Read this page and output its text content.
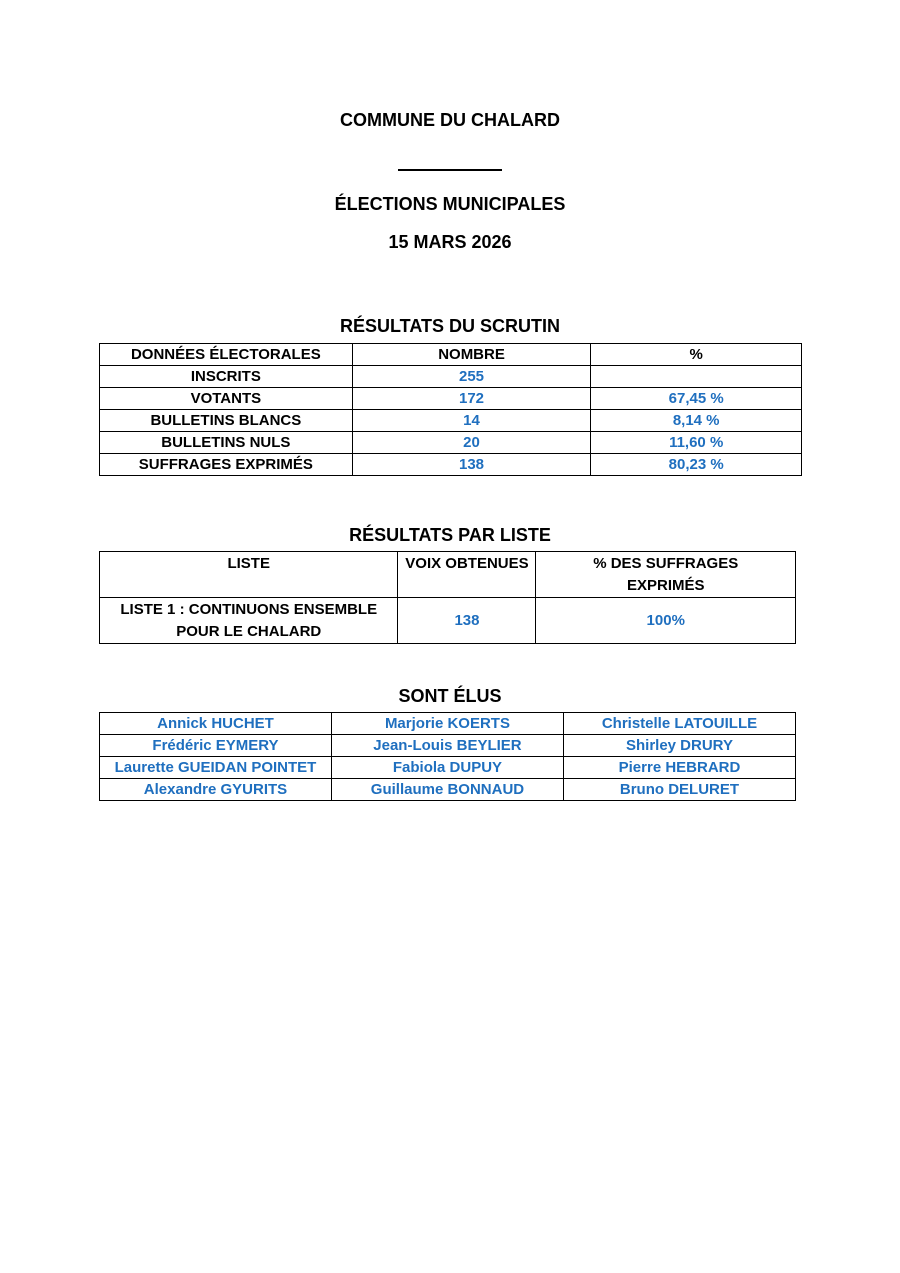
COMMUNE DU CHALARD
ÉLECTIONS MUNICIPALES
15 MARS 2026
RÉSULTATS DU SCRUTIN
DONNÉES ÉLECTORALES	NOMBRE	%
INSCRITS	255	
VOTANTS	172	67,45 %
BULLETINS BLANCS	14	8,14 %
BULLETINS NULS	20	11,60 %
SUFFRAGES EXPRIMÉS	138	80,23 %
RÉSULTATS PAR LISTE
LISTE	VOIX OBTENUES	% DES SUFFRAGES EXPRIMÉS
LISTE 1 : CONTINUONS ENSEMBLE POUR LE CHALARD	138	100%
SONT ÉLUS
Annick HUCHET	Marjorie KOERTS	Christelle LATOUILLE
Frédéric EYMERY	Jean-Louis BEYLIER	Shirley DRURY
Laurette GUEIDAN POINTET	Fabiola DUPUY	Pierre HEBRARD
Alexandre GYURITS	Guillaume BONNAUD	Bruno DELURET
